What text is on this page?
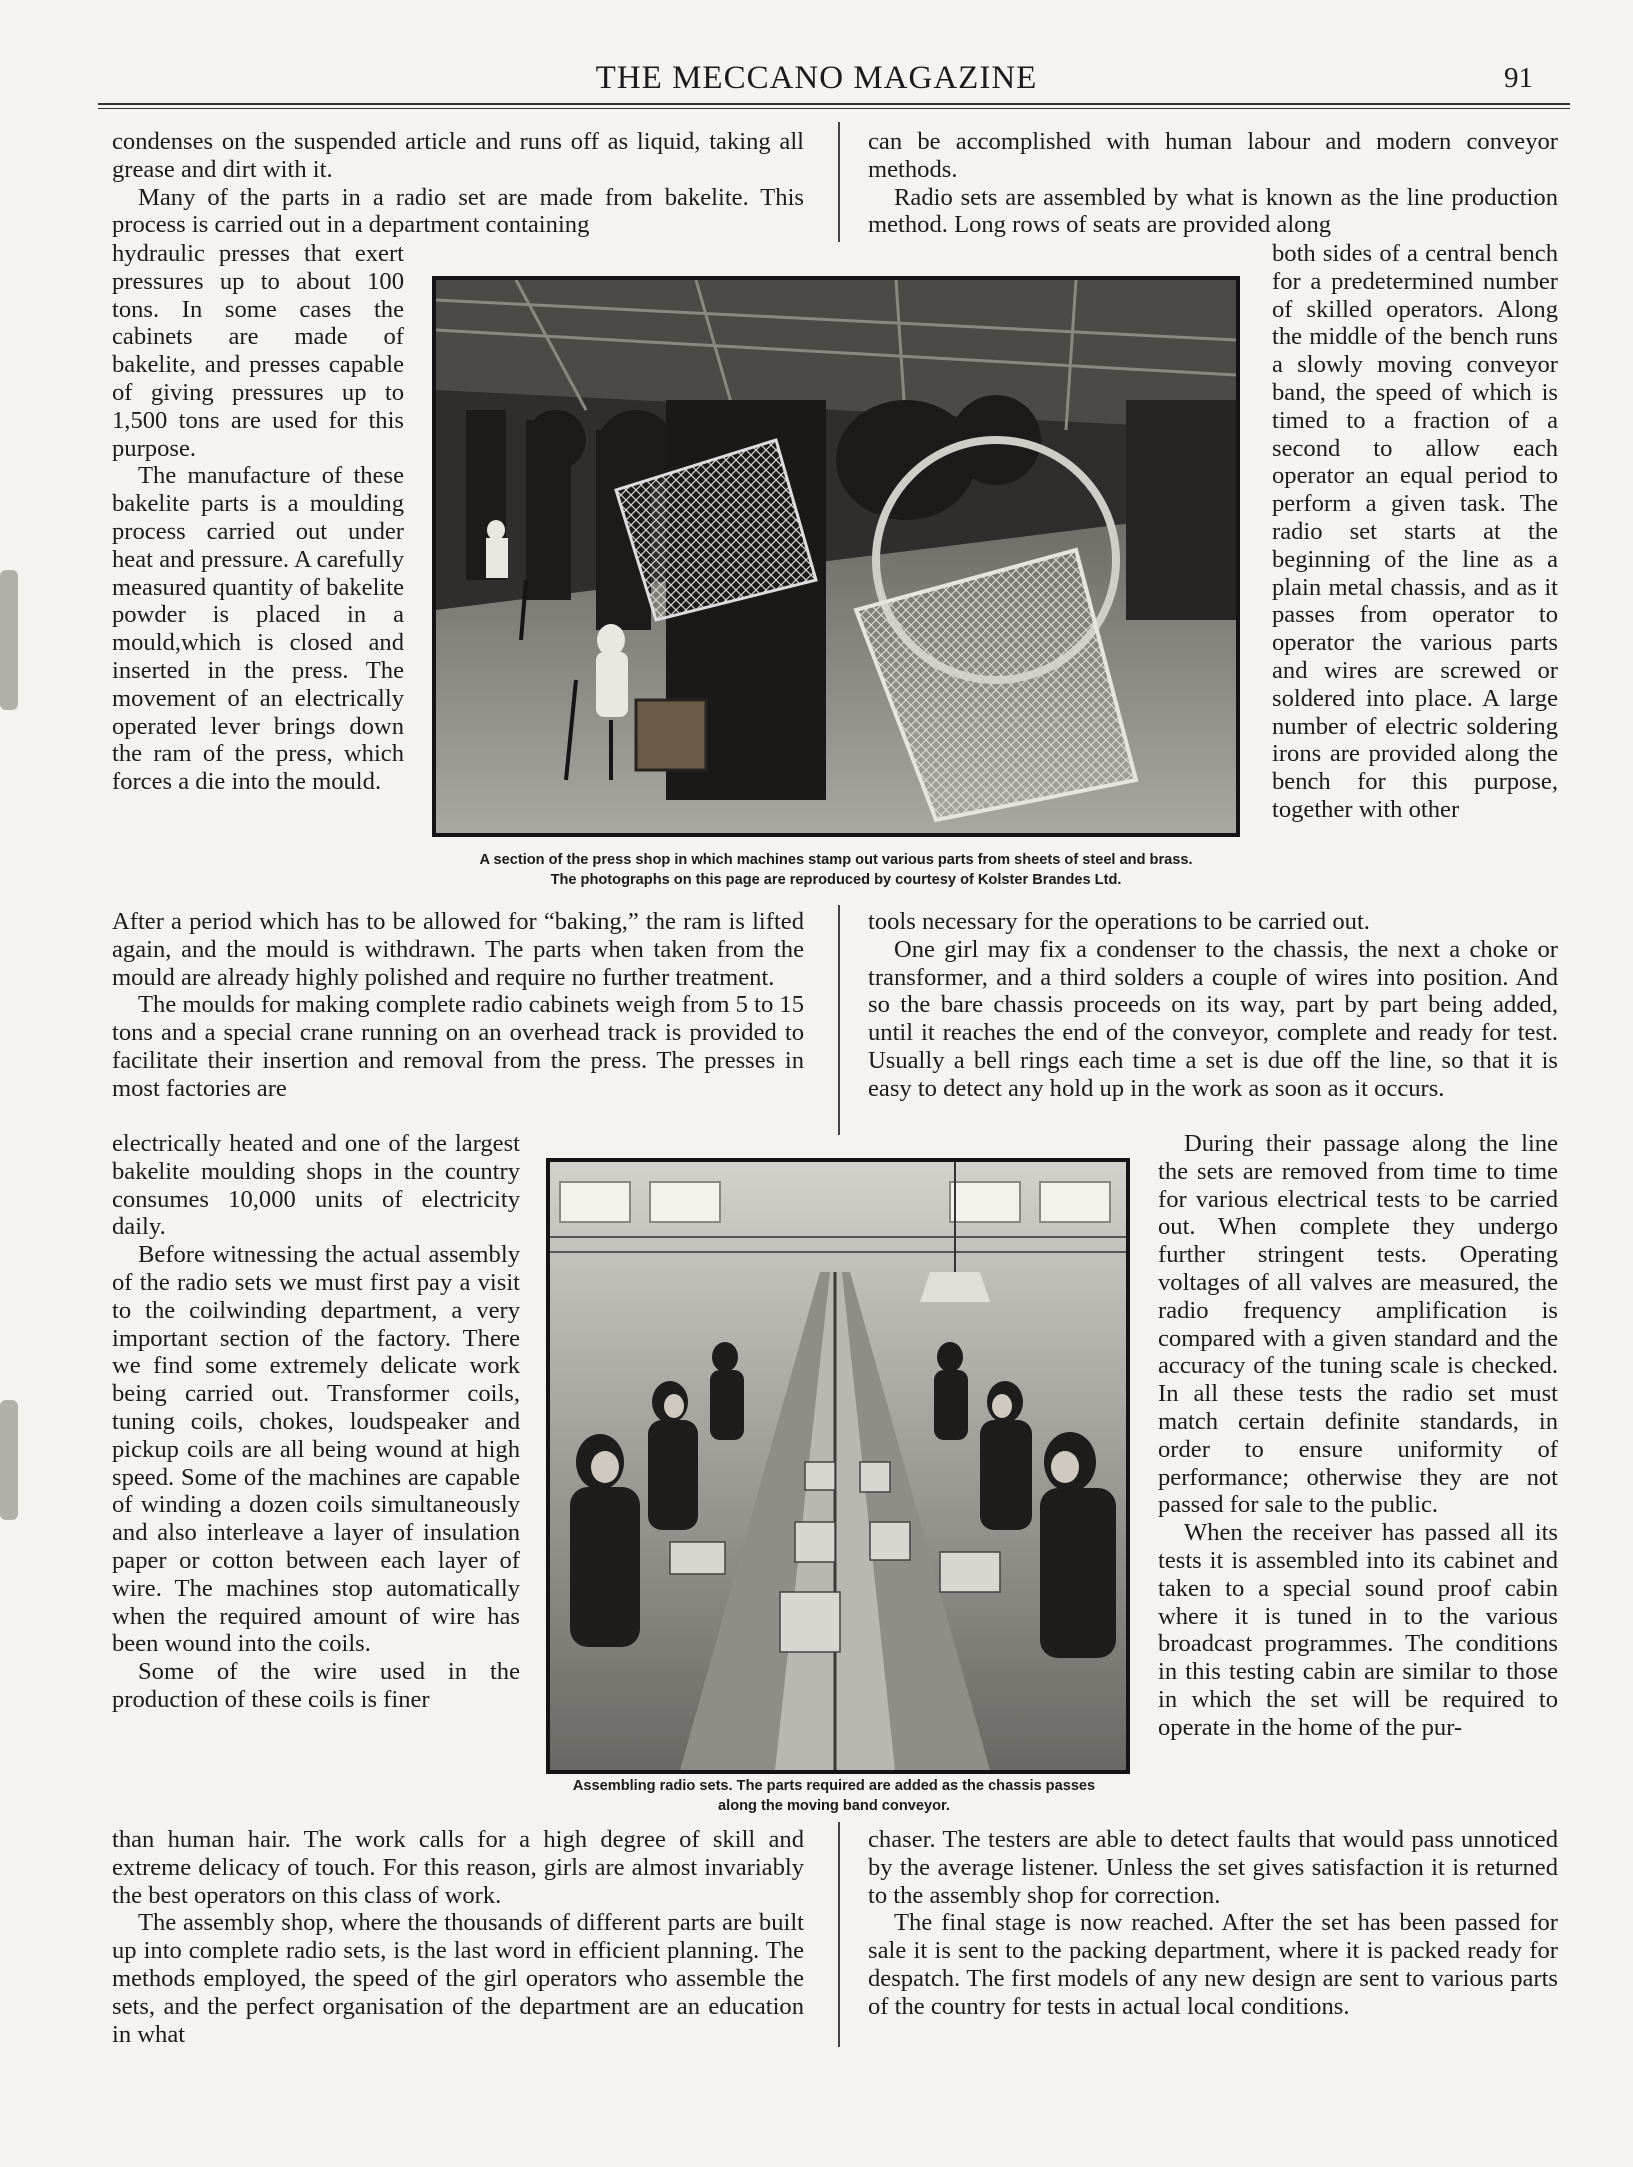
THE MECCANO MAGAZINE	91

condenses on the suspended article and runs off as liquid, taking all grease and dirt with it.

Many of the parts in a radio set are made from bakelite. This process is carried out in a department containing

hydraulic presses that exert pressures up to about 100 tons. In some cases the cabinets are made of bakelite, and presses capable of giving pressures up to 1,500 tons are used for this purpose.

The manufacture of these bakelite parts is a moulding process carried out under heat and pressure. A carefully measured quantity of bakelite powder is placed in a mould,which is closed and inserted in the press. The movement of an electrically operated lever brings down the ram of the press, which forces a die into the mould.

After a period which has to be allowed for “baking,” the ram is lifted again, and the mould is withdrawn. The parts when taken from the mould are already highly polished and require no further treatment.

The moulds for making complete radio cabinets weigh from 5 to 15 tons and a special crane running on an overhead track is provided to facilitate their insertion and removal from the press. The presses in most factories are

electrically heated and one of the largest bakelite moulding shops in the country consumes 10,000 units of electricity daily.

Before witnessing the actual assembly of the radio sets we must first pay a visit to the coilwinding department, a very important section of the factory. There we find some extremely delicate work being carried out. Transformer coils, tuning coils, chokes, loudspeaker and pickup coils are all being wound at high speed. Some of the machines are capable of winding a dozen coils simultaneously and also interleave a layer of insulation paper or cotton between each layer of wire. The machines stop automatically when the required amount of wire has been wound into the coils.

Some of the wire used in the production of these coils is finer

than human hair. The work calls for a high degree of skill and extreme delicacy of touch. For this reason, girls are almost invariably the best operators on this class of work.

The assembly shop, where the thousands of different parts are built up into complete radio sets, is the last word in efficient planning. The methods employed, the speed of the girl operators who assemble the sets, and the perfect organisation of the department are an education in what

can be accomplished with human labour and modern conveyor methods.

Radio sets are assembled by what is known as the line production method. Long rows of seats are provided along

both sides of a central bench for a predetermined number of skilled operators. Along the middle of the bench runs a slowly moving conveyor band, the speed of which is timed to a fraction of a second to allow each operator an equal period to perform a given task. The radio set starts at the beginning of the line as a plain metal chassis, and as it passes from operator to operator the various parts and wires are screwed or soldered into place. A large number of electric soldering irons are provided along the bench for this purpose, together with other

tools necessary for the operations to be carried out.

One girl may fix a condenser to the chassis, the next a choke or transformer, and a third solders a couple of wires into position. And so the bare chassis proceeds on its way, part by part being added, until it reaches the end of the conveyor, complete and ready for test. Usually a bell rings each time a set is due off the line, so that it is easy to detect any hold up in the work as soon as it occurs.

During their passage along the line the sets are removed from time to time for various electrical tests to be carried out. When complete they undergo further stringent tests. Operating voltages of all valves are measured, the radio frequency amplification is compared with a given standard and the accuracy of the tuning scale is checked. In all these tests the radio set must match certain definite standards, in order to ensure uniformity of performance; otherwise they are not passed for sale to the public.

When the receiver has passed all its tests it is assembled into its cabinet and taken to a special sound proof cabin where it is tuned in to the various broadcast programmes. The conditions in this testing cabin are similar to those in which the set will be required to operate in the home of the pur-

chaser. The testers are able to detect faults that would pass unnoticed by the average listener. Unless the set gives satisfaction it is returned to the assembly shop for correction.

The final stage is now reached. After the set has been passed for sale it is sent to the packing department, where it is packed ready for despatch. The first models of any new design are sent to various parts of the country for tests in actual local conditions.

A section of the press shop in which machines stamp out various parts from sheets of steel and brass.
The photographs on this page are reproduced by courtesy of Kolster Brandes Ltd.
Assembling radio sets. The parts required are added as the chassis passes
along the moving band conveyor.
